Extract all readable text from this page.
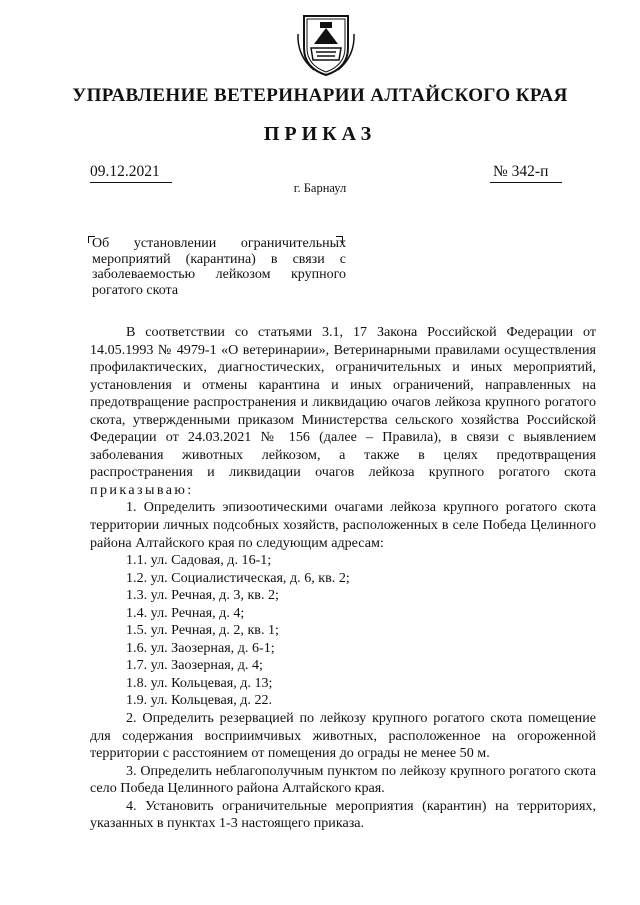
УПРАВЛЕНИЕ ВЕТЕРИНАРИИ АЛТАЙСКОГО КРАЯ
ПРИКАЗ
09.12.2021	№ 342-п
г. Барнаул

Об установлении ограничительных мероприятий (карантина) в связи с заболеваемостью лейкозом крупного рогатого скота

В соответствии со статьями 3.1, 17 Закона Российской Федерации от 14.05.1993 № 4979-1 «О ветеринарии», Ветеринарными правилами осуществления профилактических, диагностических, ограничительных и иных мероприятий, установления и отмены карантина и иных ограничений, направленных на предотвращение распространения и ликвидацию очагов лейкоза крупного рогатого скота, утвержденными приказом Министерства сельского хозяйства Российской Федерации от 24.03.2021 № 156 (далее – Правила), в связи с выявлением заболевания животных лейкозом, а также в целях предотвращения распространения и ликвидации очагов лейкоза крупного рогатого скота приказываю:

1. Определить эпизоотическими очагами лейкоза крупного рогатого скота территории личных подсобных хозяйств, расположенных в селе Победа Целинного района Алтайского края по следующим адресам:

1.1. ул. Садовая, д. 16-1;
1.2. ул. Социалистическая, д. 6, кв. 2;
1.3. ул. Речная, д. 3, кв. 2;
1.4. ул. Речная, д. 4;
1.5. ул. Речная, д. 2, кв. 1;
1.6. ул. Заозерная, д. 6-1;
1.7. ул. Заозерная, д. 4;
1.8. ул. Кольцевая, д. 13;
1.9. ул. Кольцевая, д. 22.

2. Определить резервацией по лейкозу крупного рогатого скота помещение для содержания восприимчивых животных, расположенное на огороженной территории с расстоянием от помещения до ограды не менее 50 м.

3. Определить неблагополучным пунктом по лейкозу крупного рогатого скота село Победа Целинного района Алтайского края.

4. Установить ограничительные мероприятия (карантин) на территориях, указанных в пунктах 1-3 настоящего приказа.
